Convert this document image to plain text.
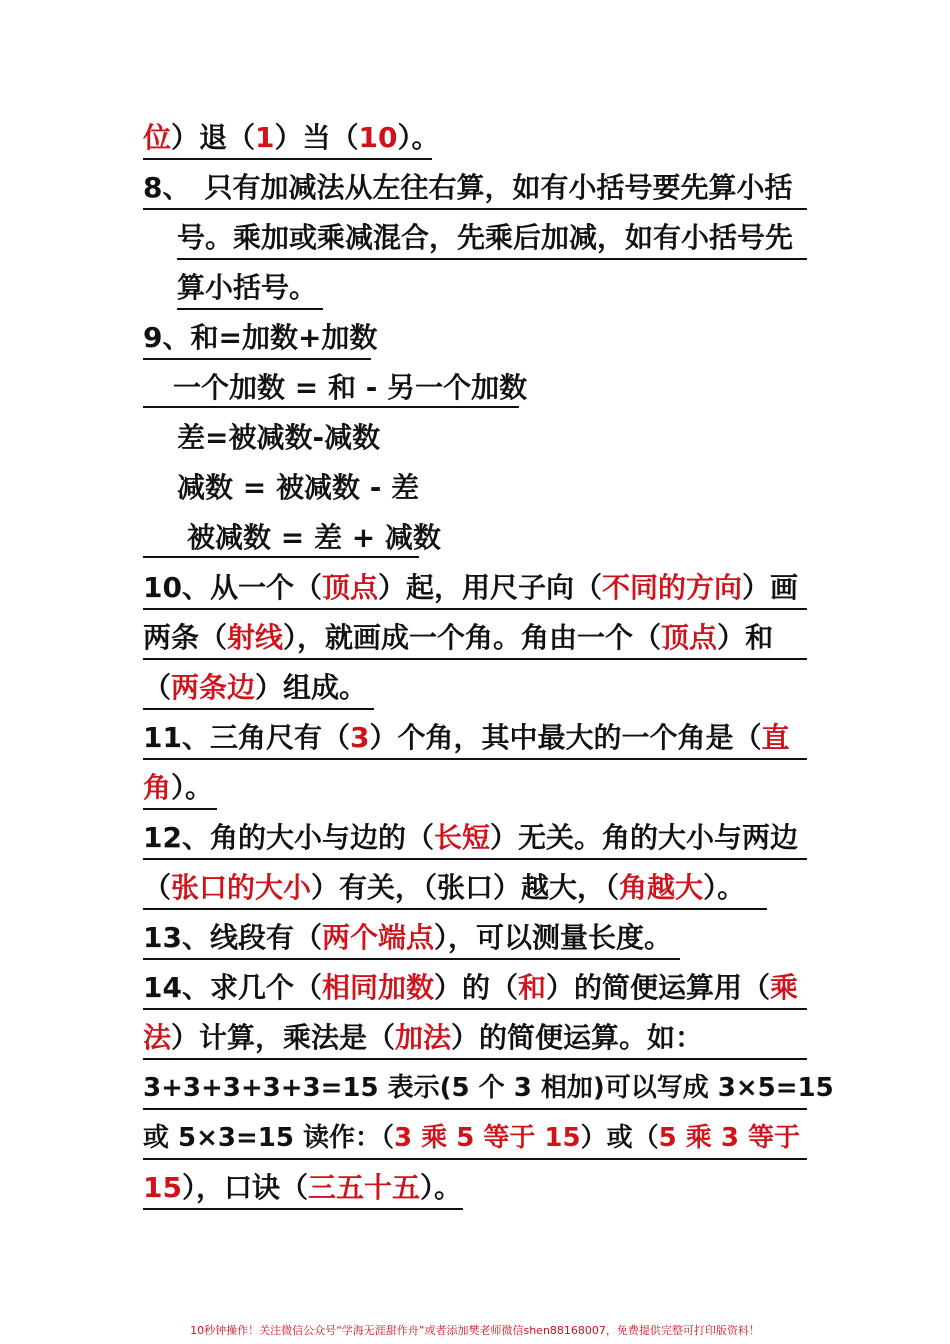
位）退（1）当（10）。
8、　只有加减法从左往右算，如有小括号要先算小括
号。乘加或乘减混合，先乘后加减，如有小括号先
算小括号。
9、和=加数+加数
一个加数 = 和 - 另一个加数
差=被减数-减数
减数 = 被减数 - 差
被减数 = 差 + 减数
10、从一个（顶点）起，用尺子向（不同的方向）画
两条（射线），就画成一个角。角由一个（顶点）和
（两条边）组成。
11、三角尺有（3）个角，其中最大的一个角是（直
角）。
12、角的大小与边的（长短）无关。角的大小与两边
（张口的大小）有关，（张口）越大，（角越大）。
13、线段有（两个端点），可以测量长度。
14、求几个（相同加数）的（和）的简便运算用（乘
法）计算，乘法是（加法）的简便运算。如：
3+3+3+3+3=15 表示(5 个 3 相加)可以写成 3×5=15
或 5×3=15 读作：（3 乘 5 等于 15）或（5 乘 3 等于
15），口诀（三五十五）。
10秒钟操作！关注微信公众号“学海无涯甜作舟”或者添加樊老师微信shen88168007，免费提供完整可打印版资料！
